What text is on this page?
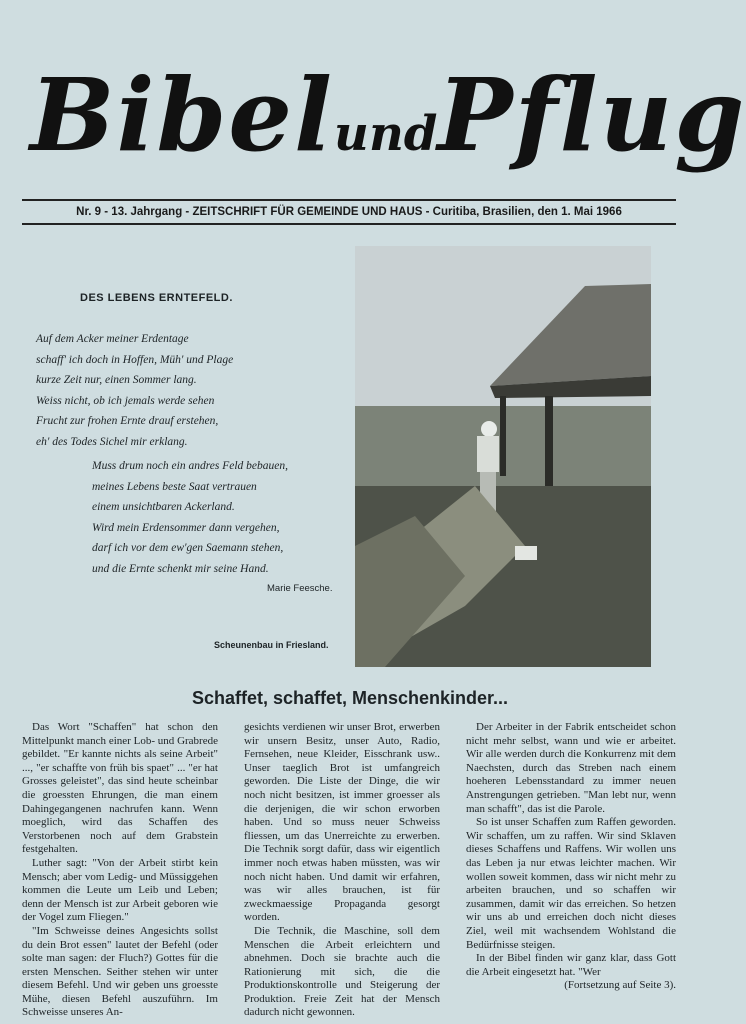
BibelundPflug
Nr. 9 - 13. Jahrgang - ZEITSCHRIFT FÜR GEMEINDE UND HAUS - Curitiba, Brasilien, den 1. Mai 1966
DES LEBENS ERNTEFELD.
Auf dem Acker meiner Erdentage
schaff' ich doch in Hoffen, Müh' und Plage
kurze Zeit nur, einen Sommer lang.
Weiss nicht, ob ich jemals werde sehen
Frucht zur frohen Ernte drauf erstehen,
eh' des Todes Sichel mir erklang.
Muss drum noch ein andres Feld bebauen,
meines Lebens beste Saat vertrauen
einem unsichtbaren Ackerland.
Wird mein Erdensommer dann vergehen,
darf ich vor dem ew'gen Saemann stehen,
und die Ernte schenkt mir seine Hand.
Marie Feesche.
Scheunenbau in Friesland.
Schaffet, schaffet, Menschenkinder...

Das Wort "Schaffen" hat schon den Mittelpunkt manch einer Lob- und Grabrede gebildet. "Er kannte nichts als seine Arbeit" ..., "er schaffte von früh bis spaet" ... "er hat Grosses geleistet", das sind heute scheinbar die groessten Ehrungen, die man einem Dahingegangenen nachrufen kann. Wenn moeglich, wird das Schaffen des Verstorbenen noch auf dem Grabstein festgehalten.

Luther sagt: "Von der Arbeit stirbt kein Mensch; aber vom Ledig- und Müssiggehen kommen die Leute um Leib und Leben; denn der Mensch ist zur Arbeit geboren wie der Vogel zum Fliegen."

"Im Schweisse deines Angesichts sollst du dein Brot essen" lautet der Befehl (oder solte man sagen: der Fluch?) Gottes für die ersten Menschen. Seither stehen wir unter diesem Befehl. Und wir geben uns groesste Mühe, diesen Befehl auszuführn. Im Schweisse unseres An-

gesichts verdienen wir unser Brot, erwerben wir unsern Besitz, unser Auto, Radio, Fernsehen, neue Kleider, Eisschrank usw.. Unser taeglich Brot ist umfangreich geworden. Die Liste der Dinge, die wir noch nicht besitzen, ist immer groesser als die derjenigen, die wir schon erworben haben. Und so muss neuer Schweiss fliessen, um das Unerreichte zu erwerben. Die Technik sorgt dafür, dass wir eigentlich immer noch etwas haben müssten, was wir noch nicht haben. Und damit wir erfahren, was wir alles brauchen, ist für zweckmaessige Propaganda gesorgt worden.

Die Technik, die Maschine, soll dem Menschen die Arbeit erleichtern und abnehmen. Doch sie brachte auch die Rationierung mit sich, die die Produktionskontrolle und Steigerung der Produktion. Freie Zeit hat der Mensch dadurch nicht gewonnen.

Der Arbeiter in der Fabrik entscheidet schon nicht mehr selbst, wann und wie er arbeitet. Wir alle werden durch die Konkurrenz mit dem Naechsten, durch das Streben nach einem hoeheren Lebensstandard zu immer neuen Anstrengungen getrieben. "Man lebt nur, wenn man schafft", das ist die Parole.

So ist unser Schaffen zum Raffen geworden. Wir schaffen, um zu raffen. Wir sind Sklaven dieses Schaffens und Raffens. Wir wollen uns das Leben ja nur etwas leichter machen. Wir wollen soweit kommen, dass wir nicht mehr zu arbeiten brauchen, und so schaffen wir zusammen, damit wir das erreichen. So hetzen wir uns ab und erreichen doch nicht dieses Ziel, weil mit wachsendem Wohlstand die Bedürfnisse steigen.

In der Bibel finden wir ganz klar, dass Gott die Arbeit eingesetzt hat. "Wer

(Fortsetzung auf Seite 3).
